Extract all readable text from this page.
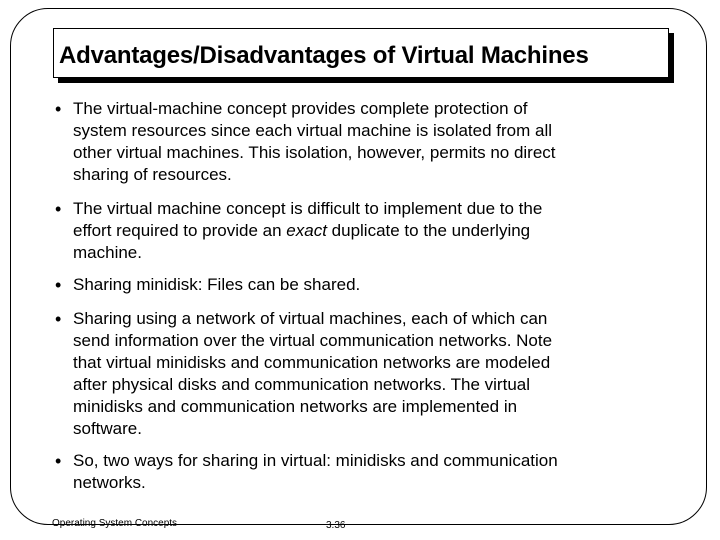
Advantages/Disadvantages of Virtual Machines
• The virtual-machine concept provides complete protection of
system resources since each virtual machine is isolated from all
other virtual machines. This isolation, however, permits no direct
sharing of resources.
• The virtual machine concept is difficult to implement due to the
effort required to provide an exact duplicate to the underlying
machine.
• Sharing minidisk: Files can be shared.
• Sharing using a network of virtual machines, each of which can
send information over the virtual communication networks. Note
that virtual minidisks and communication networks are modeled
after physical disks and communication networks. The virtual
minidisks and communication networks are implemented in
software.
• So, two ways for sharing in virtual: minidisks and communication
networks.
Operating System Concepts	3.36
